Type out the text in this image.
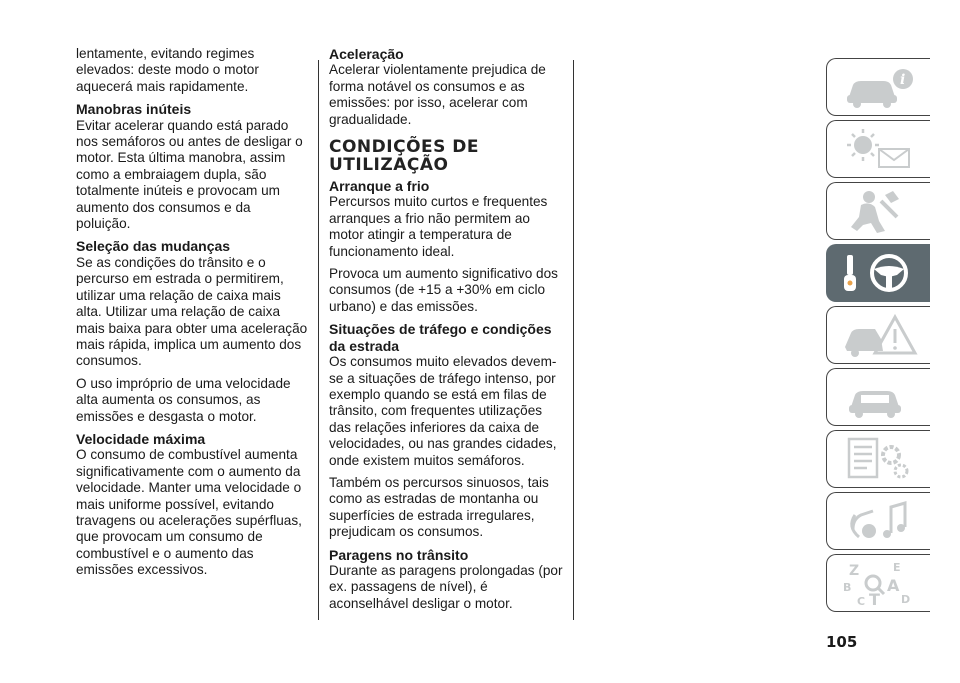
lentamente, evitando regimes elevados: deste modo o motor aquecerá mais rapidamente.

Manobras inúteis

Evitar acelerar quando está parado nos semáforos ou antes de desligar o motor. Esta última manobra, assim como a embraiagem dupla, são totalmente inúteis e provocam um aumento dos consumos e da poluição.

Seleção das mudanças

Se as condições do trânsito e o percurso em estrada o permitirem, utilizar uma relação de caixa mais alta. Utilizar uma relação de caixa mais baixa para obter uma aceleração mais rápida, implica um aumento dos consumos.

O uso impróprio de uma velocidade alta aumenta os consumos, as emissões e desgasta o motor.

Velocidade máxima

O consumo de combustível aumenta significativamente com o aumento da velocidade. Manter uma velocidade o mais uniforme possível, evitando travagens ou acelerações supérfluas, que provocam um consumo de combustível e o aumento das emissões excessivos.

Aceleração

Acelerar violentamente prejudica de forma notável os consumos e as emissões: por isso, acelerar com gradualidade.

CONDIÇÕES DE UTILIZAÇÃO
Arranque a frio

Percursos muito curtos e frequentes arranques a frio não permitem ao motor atingir a temperatura de funcionamento ideal.

Provoca um aumento significativo dos consumos (de +15 a +30% em ciclo urbano) e das emissões.

Situações de tráfego e condições da estrada

Os consumos muito elevados devem-se a situações de tráfego intenso, por exemplo quando se está em filas de trânsito, com frequentes utilizações das relações inferiores da caixa de velocidades, ou nas grandes cidades, onde existem muitos semáforos.

Também os percursos sinuosos, tais como as estradas de montanha ou superfícies de estrada irregulares, prejudicam os consumos.

Paragens no trânsito

Durante as paragens prolongadas (por ex. passagens de nível), é aconselhável desligar o motor.

i
Z	E
B A
C T D
105
